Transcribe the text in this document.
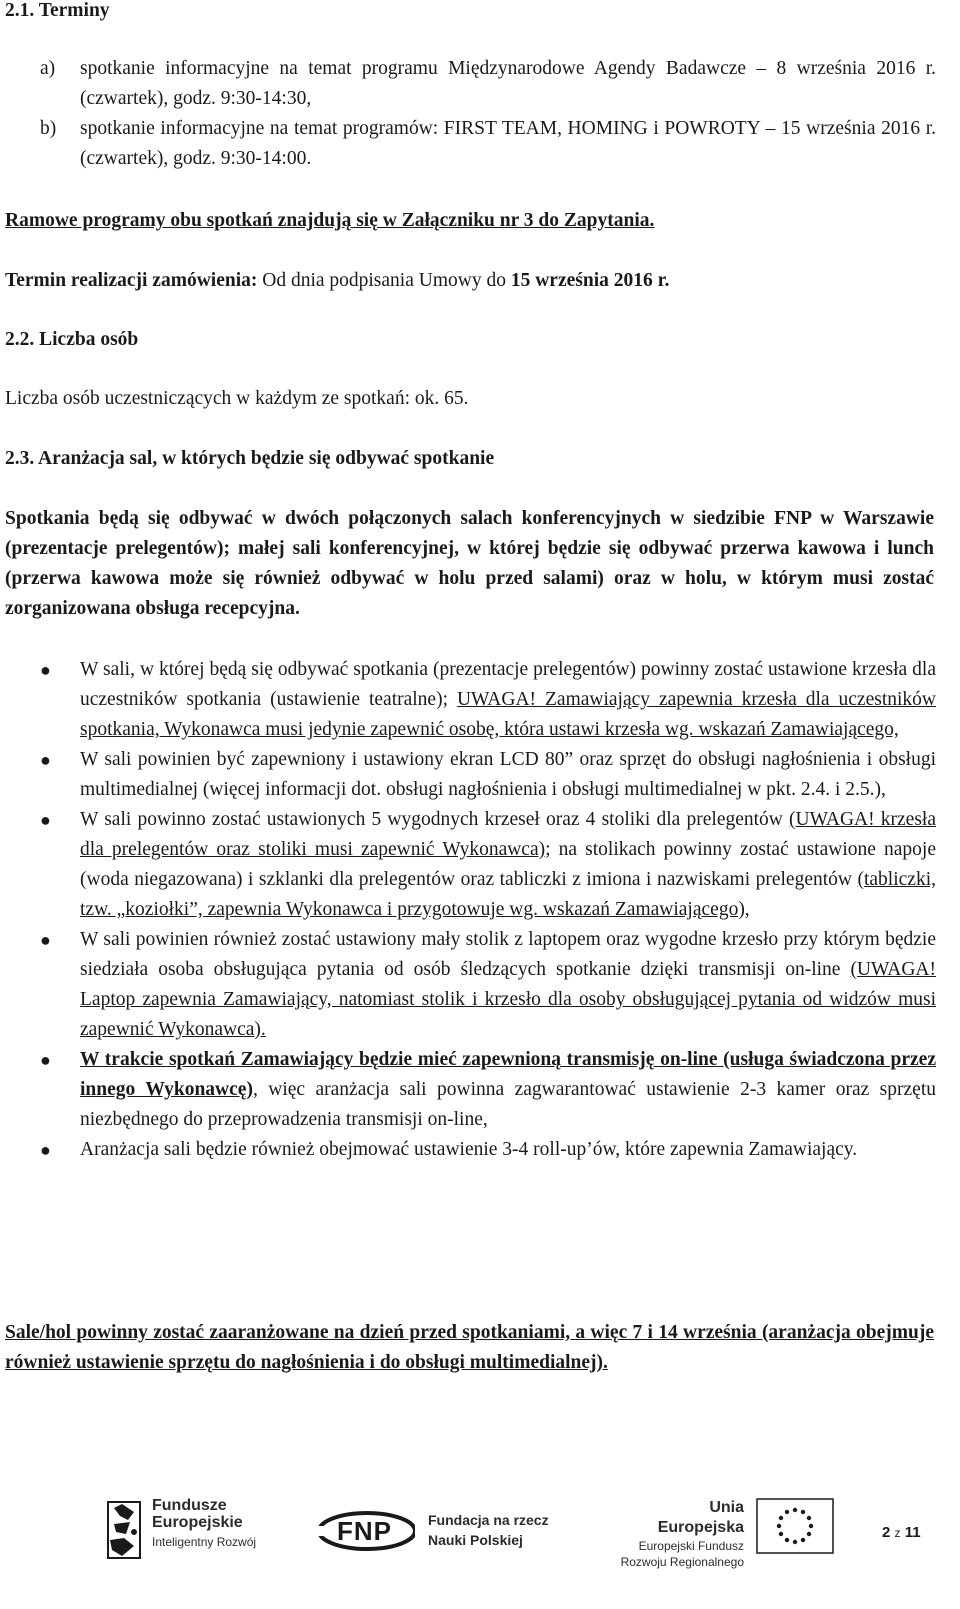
2.1. Terminy
a) spotkanie informacyjne na temat programu Międzynarodowe Agendy Badawcze – 8 września 2016 r. (czwartek), godz. 9:30-14:30,
b) spotkanie informacyjne na temat programów: FIRST TEAM, HOMING i POWROTY – 15 września 2016 r. (czwartek), godz. 9:30-14:00.
Ramowe programy obu spotkań znajdują się w Załączniku nr 3 do Zapytania.
Termin realizacji zamówienia: Od dnia podpisania Umowy do 15 września 2016 r.
2.2. Liczba osób
Liczba osób uczestniczących w każdym ze spotkań: ok. 65.
2.3. Aranżacja sal, w których będzie się odbywać spotkanie
Spotkania będą się odbywać w dwóch połączonych salach konferencyjnych w siedzibie FNP w Warszawie (prezentacje prelegentów); małej sali konferencyjnej, w której będzie się odbywać przerwa kawowa i lunch (przerwa kawowa może się również odbywać w holu przed salami) oraz w holu, w którym musi zostać zorganizowana obsługa recepcyjna.
● W sali, w której będą się odbywać spotkania (prezentacje prelegentów) powinny zostać ustawione krzesła dla uczestników spotkania (ustawienie teatralne); UWAGA! Zamawiający zapewnia krzesła dla uczestników spotkania, Wykonawca musi jedynie zapewnić osobę, która ustawi krzesła wg. wskazań Zamawiającego,
● W sali powinien być zapewniony i ustawiony ekran LCD 80” oraz sprzęt do obsługi nagłośnienia i obsługi multimedialnej (więcej informacji dot. obsługi nagłośnienia i obsługi multimedialnej w pkt. 2.4. i 2.5.),
● W sali powinno zostać ustawionych 5 wygodnych krzeseł oraz 4 stoliki dla prelegentów (UWAGA! krzesła dla prelegentów oraz stoliki musi zapewnić Wykonawca); na stolikach powinny zostać ustawione napoje (woda niegazowana) i szklanki dla prelegentów oraz tabliczki z imiona i nazwiskami prelegentów (tabliczki, tzw. „koziołki”, zapewnia Wykonawca i przygotowuje wg. wskazań Zamawiającego),
● W sali powinien również zostać ustawiony mały stolik z laptopem oraz wygodne krzesło przy którym będzie siedziała osoba obsługująca pytania od osób śledzących spotkanie dzięki transmisji on-line (UWAGA! Laptop zapewnia Zamawiający, natomiast stolik i krzesło dla osoby obsługującej pytania od widzów musi zapewnić Wykonawca).
● W trakcie spotkań Zamawiający będzie mieć zapewnioną transmisję on-line (usługa świadczona przez innego Wykonawcę), więc aranżacja sali powinna zagwarantować ustawienie 2-3 kamer oraz sprzętu niezbędnego do przeprowadzenia transmisji on-line,
● Aranżacja sali będzie również obejmować ustawienie 3-4 roll-up’ów, które zapewnia Zamawiający.
Sale/hol powinny zostać zaaranżowane na dzień przed spotkaniami, a więc 7 i 14 września (aranżacja obejmuje również ustawienie sprzętu do nagłośnienia i do obsługi multimedialnej).
Fundusze
Europejskie
Inteligentny Rozwój	FNP	Fundacja na rzecz
Nauki Polskiej
Unia Europejska
Europejski Fundusz
Rozwoju Regionalnego
2 z 11
